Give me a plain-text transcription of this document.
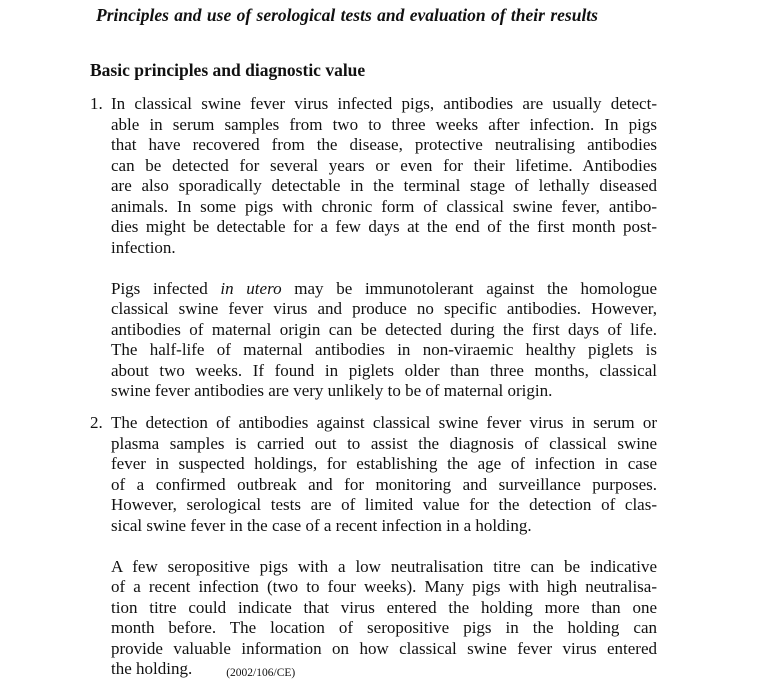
Principles and use of serological tests and evaluation of their results
Basic principles and diagnostic value
1. In classical swine fever virus infected pigs, antibodies are usually detect-
able in serum samples from two to three weeks after infection. In pigs
that have recovered from the disease, protective neutralising antibodies
can be detected for several years or even for their lifetime. Antibodies
are also sporadically detectable in the terminal stage of lethally diseased
animals. In some pigs with chronic form of classical swine fever, antibo-
dies might be detectable for a few days at the end of the first month post-
infection.
Pigs infected in utero may be immunotolerant against the homologue
classical swine fever virus and produce no specific antibodies. However,
antibodies of maternal origin can be detected during the first days of life.
The half-life of maternal antibodies in non-viraemic healthy piglets is
about two weeks. If found in piglets older than three months, classical
swine fever antibodies are very unlikely to be of maternal origin.
2. The detection of antibodies against classical swine fever virus in serum or
plasma samples is carried out to assist the diagnosis of classical swine
fever in suspected holdings, for establishing the age of infection in case
of a confirmed outbreak and for monitoring and surveillance purposes.
However, serological tests are of limited value for the detection of clas-
sical swine fever in the case of a recent infection in a holding.
A few seropositive pigs with a low neutralisation titre can be indicative
of a recent infection (two to four weeks). Many pigs with high neutralisa-
tion titre could indicate that virus entered the holding more than one
month before. The location of seropositive pigs in the holding can
provide valuable information on how classical swine fever virus entered
the holding.	(2002/106/CE)
